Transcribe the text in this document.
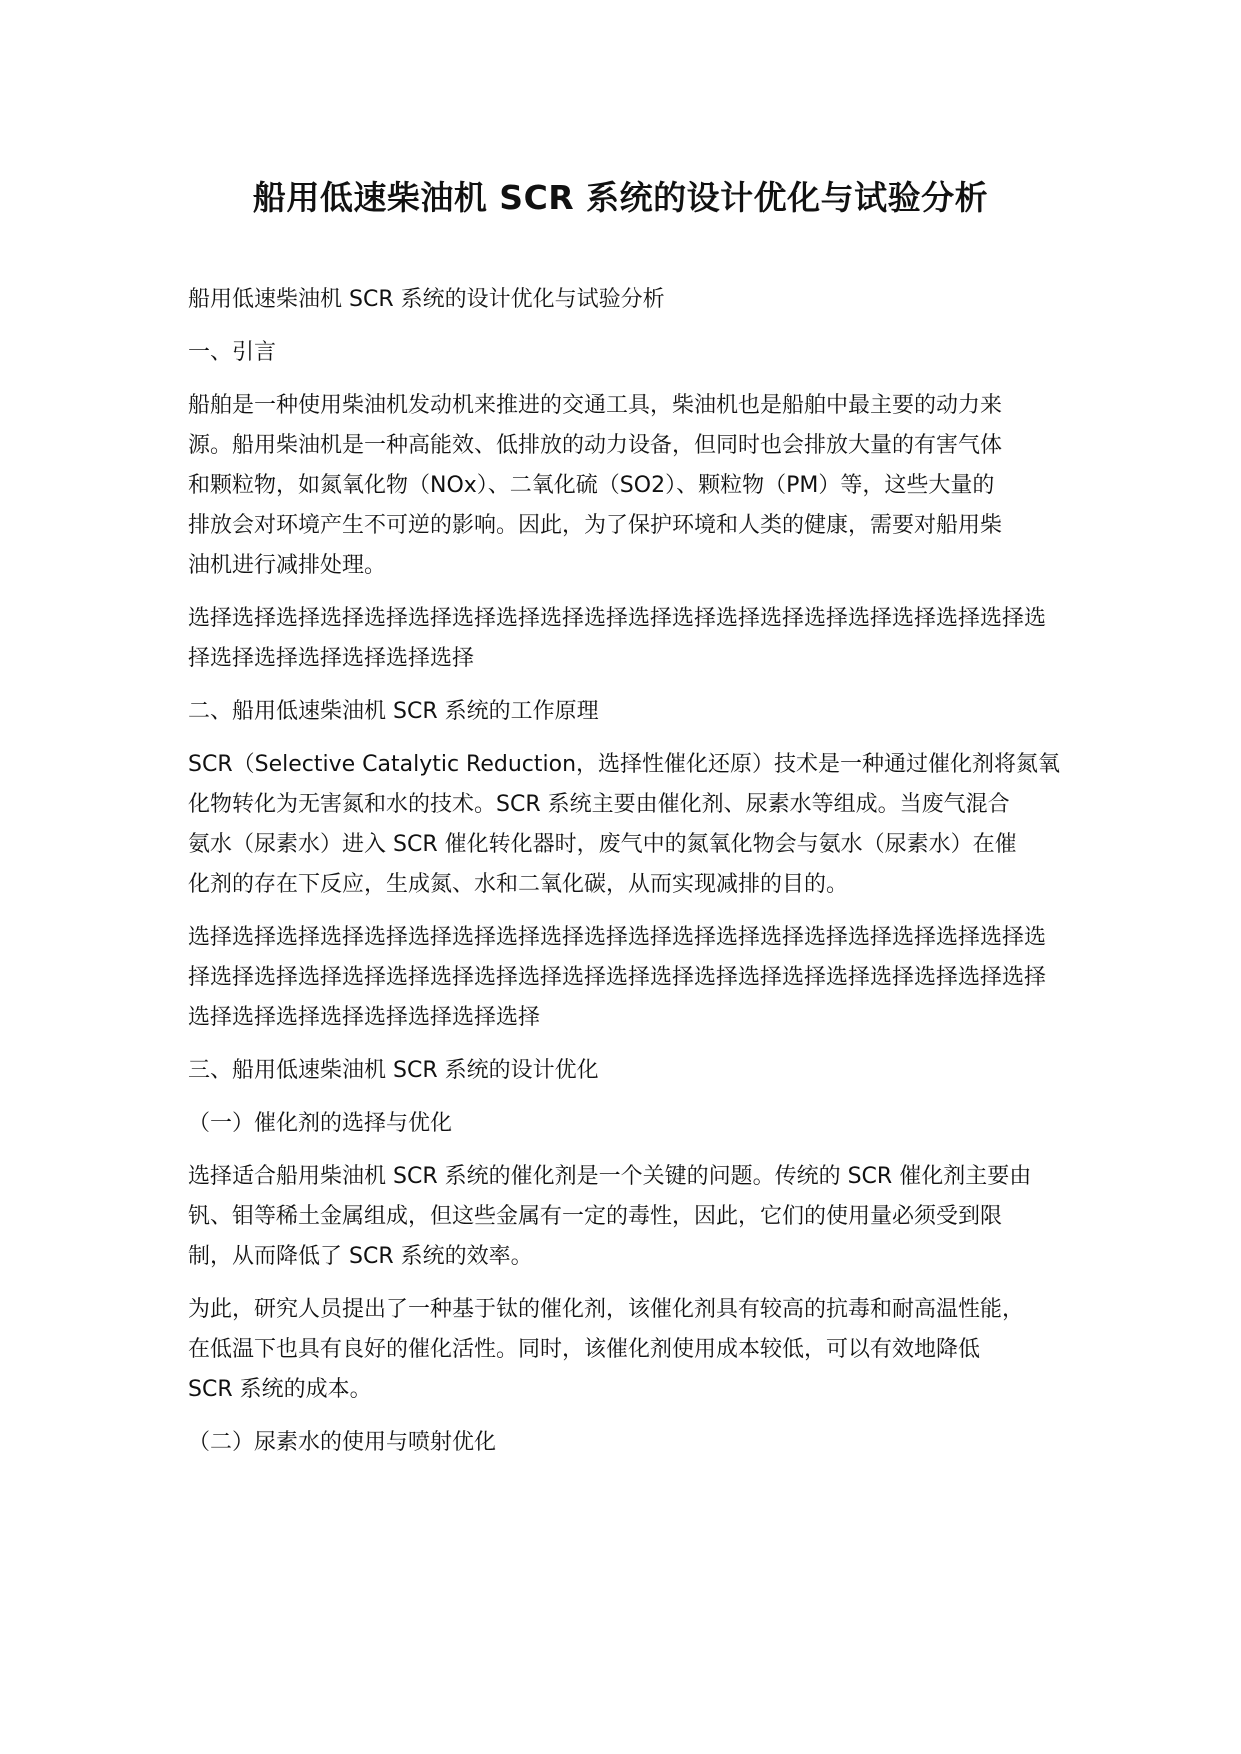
船用低速柴油机 SCR 系统的设计优化与试验分析
船用低速柴油机 SCR 系统的设计优化与试验分析
一、引言
船舶是一种使用柴油机发动机来推进的交通工具，柴油机也是船舶中最主要的动力来
源。船用柴油机是一种高能效、低排放的动力设备，但同时也会排放大量的有害气体
和颗粒物，如氮氧化物（NOx）、二氧化硫（SO2）、颗粒物（PM）等，这些大量的
排放会对环境产生不可逆的影响。因此，为了保护环境和人类的健康，需要对船用柴
油机进行减排处理。
选择选择选择选择选择选择选择选择选择选择选择选择选择选择选择选择选择选择选择选
择选择选择选择选择选择选择
二、船用低速柴油机 SCR 系统的工作原理
SCR（Selective Catalytic Reduction，选择性催化还原）技术是一种通过催化剂将氮氧
化物转化为无害氮和水的技术。SCR 系统主要由催化剂、尿素水等组成。当废气混合
氨水（尿素水）进入 SCR 催化转化器时，废气中的氮氧化物会与氨水（尿素水）在催
化剂的存在下反应，生成氮、水和二氧化碳，从而实现减排的目的。
选择选择选择选择选择选择选择选择选择选择选择选择选择选择选择选择选择选择选择选
择选择选择选择选择选择选择选择选择选择选择选择选择选择选择选择选择选择选择选择
选择选择选择选择选择选择选择选择
三、船用低速柴油机 SCR 系统的设计优化
（一）催化剂的选择与优化
选择适合船用柴油机 SCR 系统的催化剂是一个关键的问题。传统的 SCR 催化剂主要由
钒、钼等稀土金属组成，但这些金属有一定的毒性，因此，它们的使用量必须受到限
制，从而降低了 SCR 系统的效率。
为此，研究人员提出了一种基于钛的催化剂，该催化剂具有较高的抗毒和耐高温性能，
在低温下也具有良好的催化活性。同时，该催化剂使用成本较低，可以有效地降低
SCR 系统的成本。
（二）尿素水的使用与喷射优化
